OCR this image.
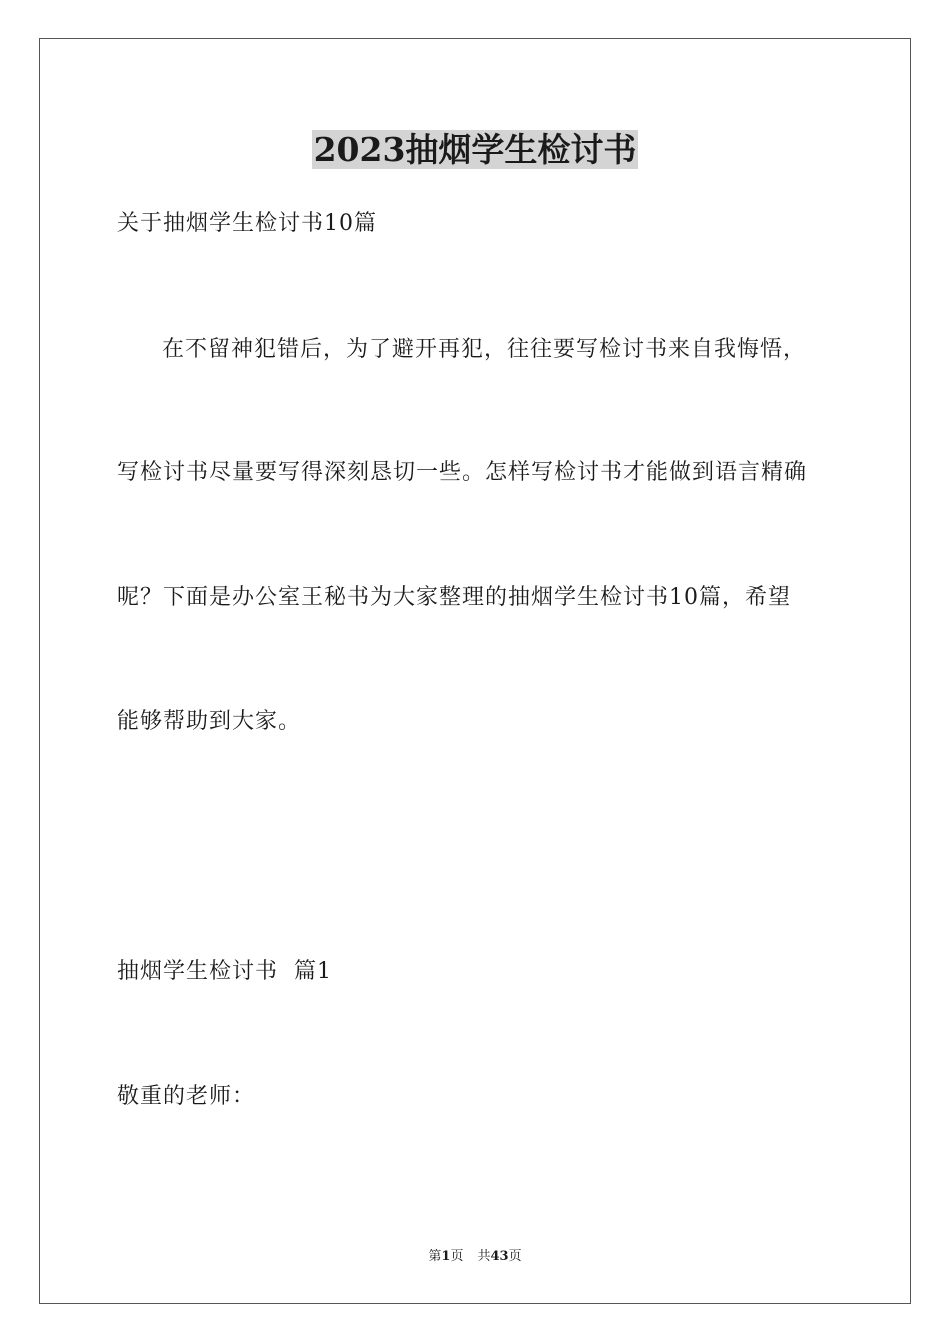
2023抽烟学生检讨书
关于抽烟学生检讨书10篇
在不留神犯错后，为了避开再犯，往往要写检讨书来自我悔悟，
写检讨书尽量要写得深刻恳切一些。怎样写检讨书才能做到语言精确
呢？下面是办公室王秘书为大家整理的抽烟学生检讨书10篇，希望
能够帮助到大家。
抽烟学生检讨书  篇1
敬重的老师：
第1页 共43页
